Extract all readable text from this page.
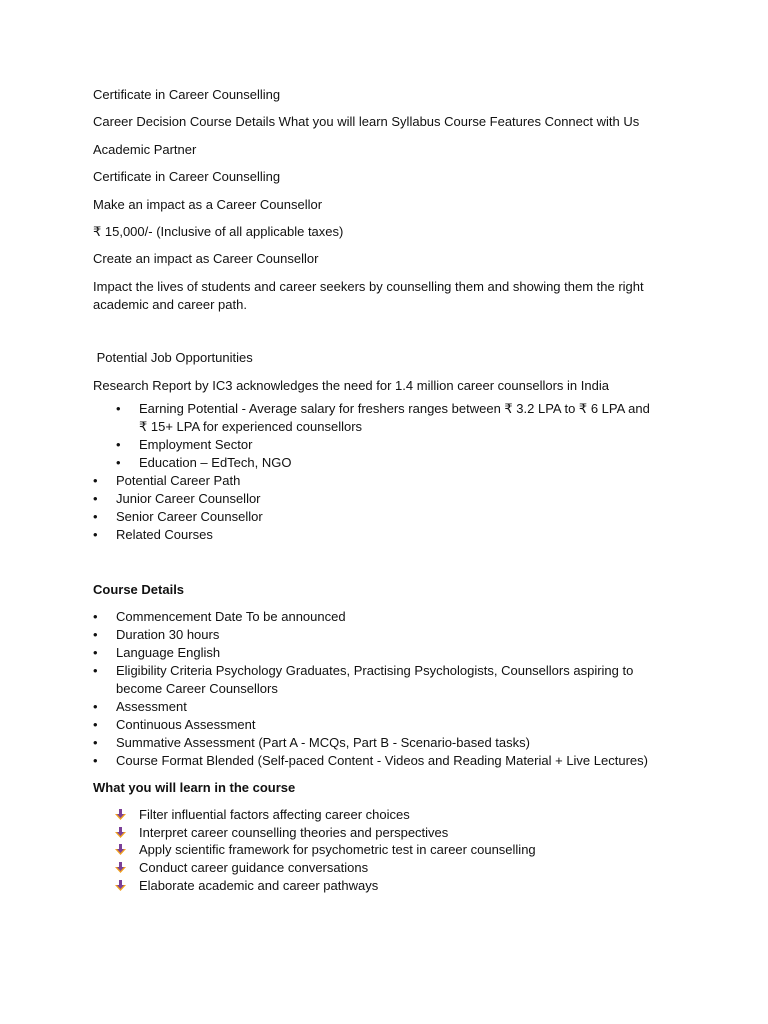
Certificate in Career Counselling
Career Decision Course Details What you will learn Syllabus Course Features Connect with Us
Academic Partner
Certificate in Career Counselling
Make an impact as a Career Counsellor
₹ 15,000/- (Inclusive of all applicable taxes)
Create an impact as Career Counsellor
Impact the lives of students and career seekers by counselling them and showing them the right academic and career path.
Potential Job Opportunities
Research Report by IC3 acknowledges the need for 1.4 million career counsellors in India
• Earning Potential - Average salary for freshers ranges between ₹ 3.2 LPA to ₹ 6 LPA and ₹ 15+ LPA for experienced counsellors
• Employment Sector
• Education – EdTech, NGO
• Potential Career Path
• Junior Career Counsellor
• Senior Career Counsellor
• Related Courses
Course Details
• Commencement Date To be announced
• Duration 30 hours
• Language English
• Eligibility Criteria Psychology Graduates, Practising Psychologists, Counsellors aspiring to become Career Counsellors
• Assessment
• Continuous Assessment
• Summative Assessment (Part A - MCQs, Part B - Scenario-based tasks)
• Course Format Blended (Self-paced Content - Videos and Reading Material + Live Lectures)
What you will learn in the course
Filter influential factors affecting career choices
Interpret career counselling theories and perspectives
Apply scientific framework for psychometric test in career counselling
Conduct career guidance conversations
Elaborate academic and career pathways
